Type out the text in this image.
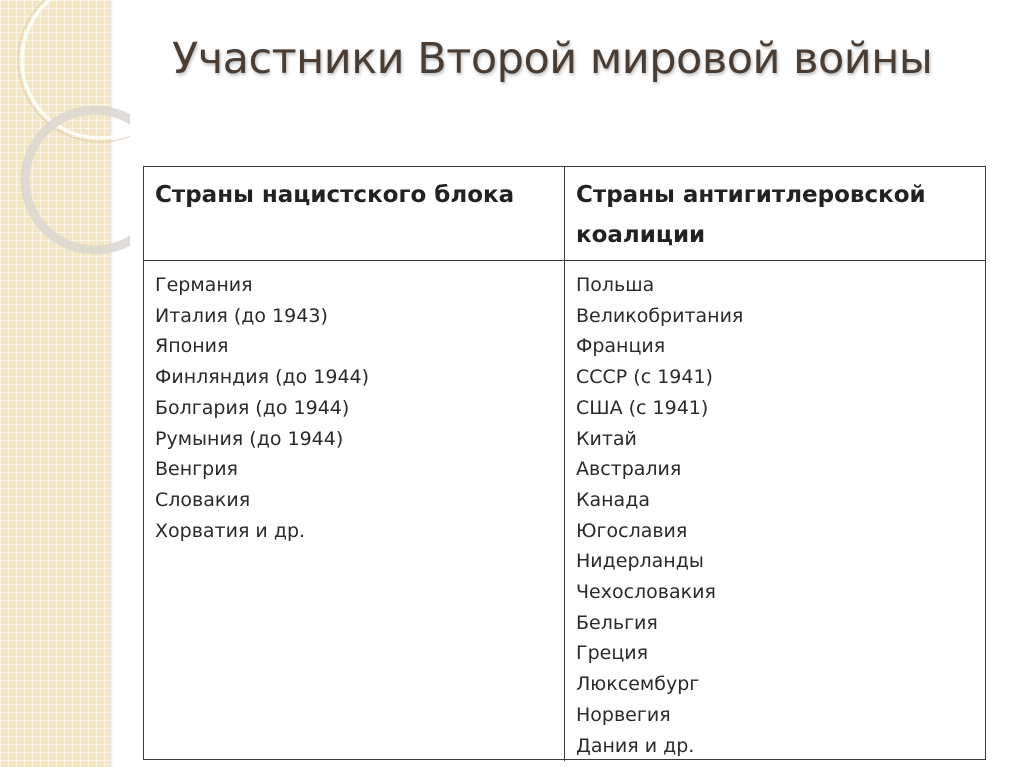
Участники Второй мировой войны
Страны нацистского блока	Страны антигитлеровской коалиции
Германия
Италия (до 1943)
Япония
Финляндия (до 1944)
Болгария (до 1944)
Румыния (до 1944)
Венгрия
Словакия
Хорватия и др.
Польша
Великобритания
Франция
СССР (с 1941)
США (с 1941)
Китай
Австралия
Канада
Югославия
Нидерланды
Чехословакия
Бельгия
Греция
Люксембург
Норвегия
Дания и др.
